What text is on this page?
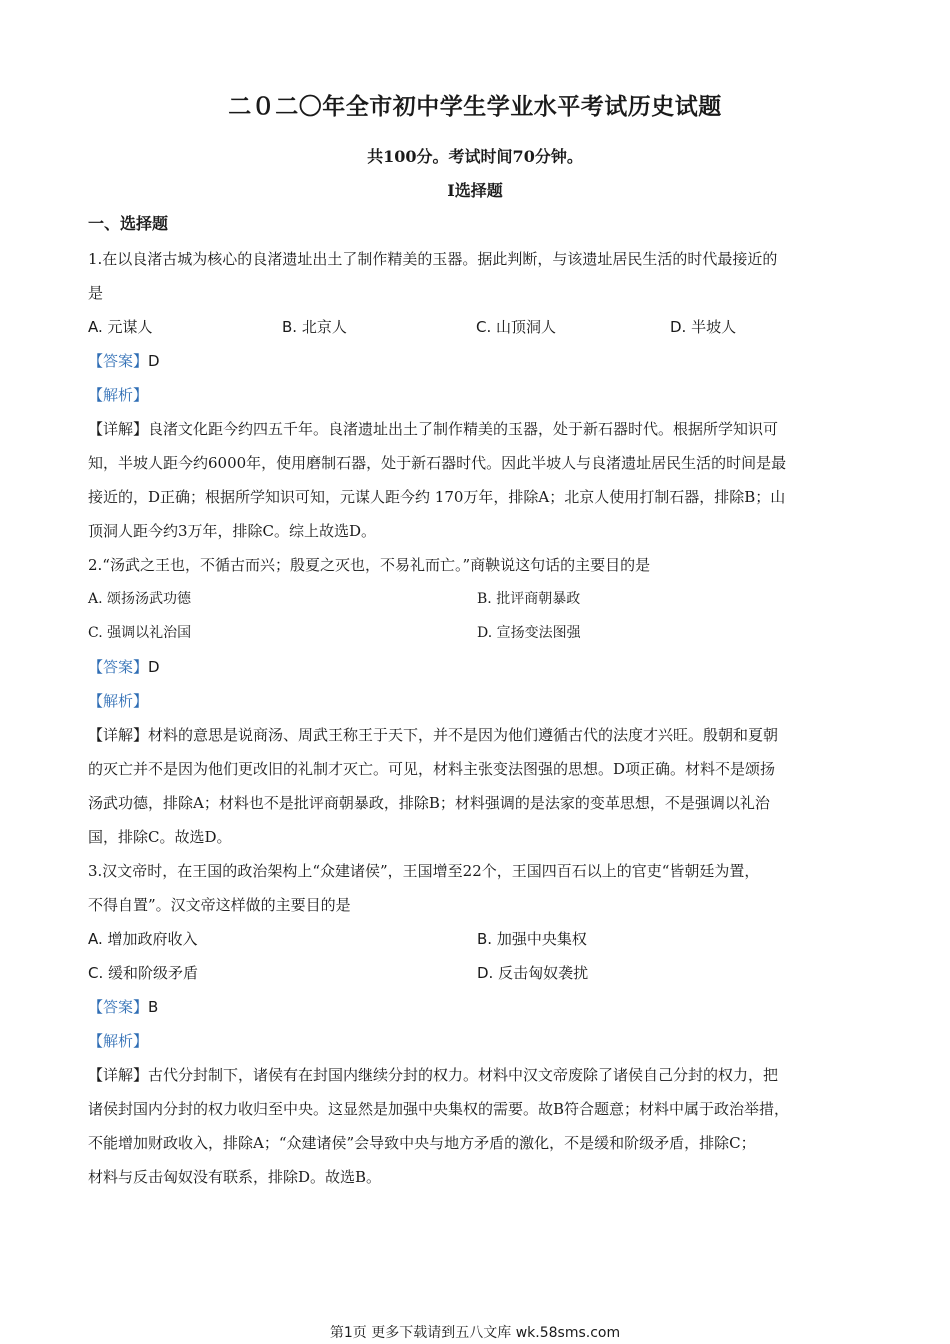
二０二〇年全市初中学生学业水平考试历史试题
共100分。考试时间70分钟。
I选择题
一、选择题

1.在以良渚古城为核心的良渚遗址出土了制作精美的玉器。据此判断，与该遗址居民生活的时代最接近的

是

A. 元谋人	B. 北京人	C. 山顶洞人	D. 半坡人

【答案】D

【解析】

【详解】良渚文化距今约四五千年。良渚遗址出土了制作精美的玉器，处于新石器时代。根据所学知识可

知，半坡人距今约6000年，使用磨制石器，处于新石器时代。因此半坡人与良渚遗址居民生活的时间是最

接近的，D正确；根据所学知识可知，元谋人距今约 170万年，排除A；北京人使用打制石器，排除B；山

顶洞人距今约3万年，排除C。综上故选D。

2.“汤武之王也，不循古而兴；殷夏之灭也，不易礼而亡。”商鞅说这句话的主要目的是

A. 颂扬汤武功德	B. 批评商朝暴政
C. 强调以礼治国	D. 宣扬变法图强

【答案】D

【解析】

【详解】材料的意思是说商汤、周武王称王于天下，并不是因为他们遵循古代的法度才兴旺。殷朝和夏朝

的灭亡并不是因为他们更改旧的礼制才灭亡。可见，材料主张变法图强的思想。D项正确。材料不是颂扬

汤武功德，排除A；材料也不是批评商朝暴政，排除B；材料强调的是法家的变革思想，不是强调以礼治

国，排除C。故选D。

3.汉文帝时，在王国的政治架构上“众建诸侯”，王国增至22个，王国四百石以上的官吏“皆朝廷为置，

不得自置”。汉文帝这样做的主要目的是

A. 增加政府收入	B. 加强中央集权
C. 缓和阶级矛盾	D. 反击匈奴袭扰

【答案】B

【解析】

【详解】古代分封制下，诸侯有在封国内继续分封的权力。材料中汉文帝废除了诸侯自己分封的权力，把

诸侯封国内分封的权力收归至中央。这显然是加强中央集权的需要。故B符合题意；材料中属于政治举措，

不能增加财政收入，排除A；“众建诸侯”会导致中央与地方矛盾的激化，不是缓和阶级矛盾，排除C；

材料与反击匈奴没有联系，排除D。故选B。

第1页 更多下载请到五八文库 wk.58sms.com
